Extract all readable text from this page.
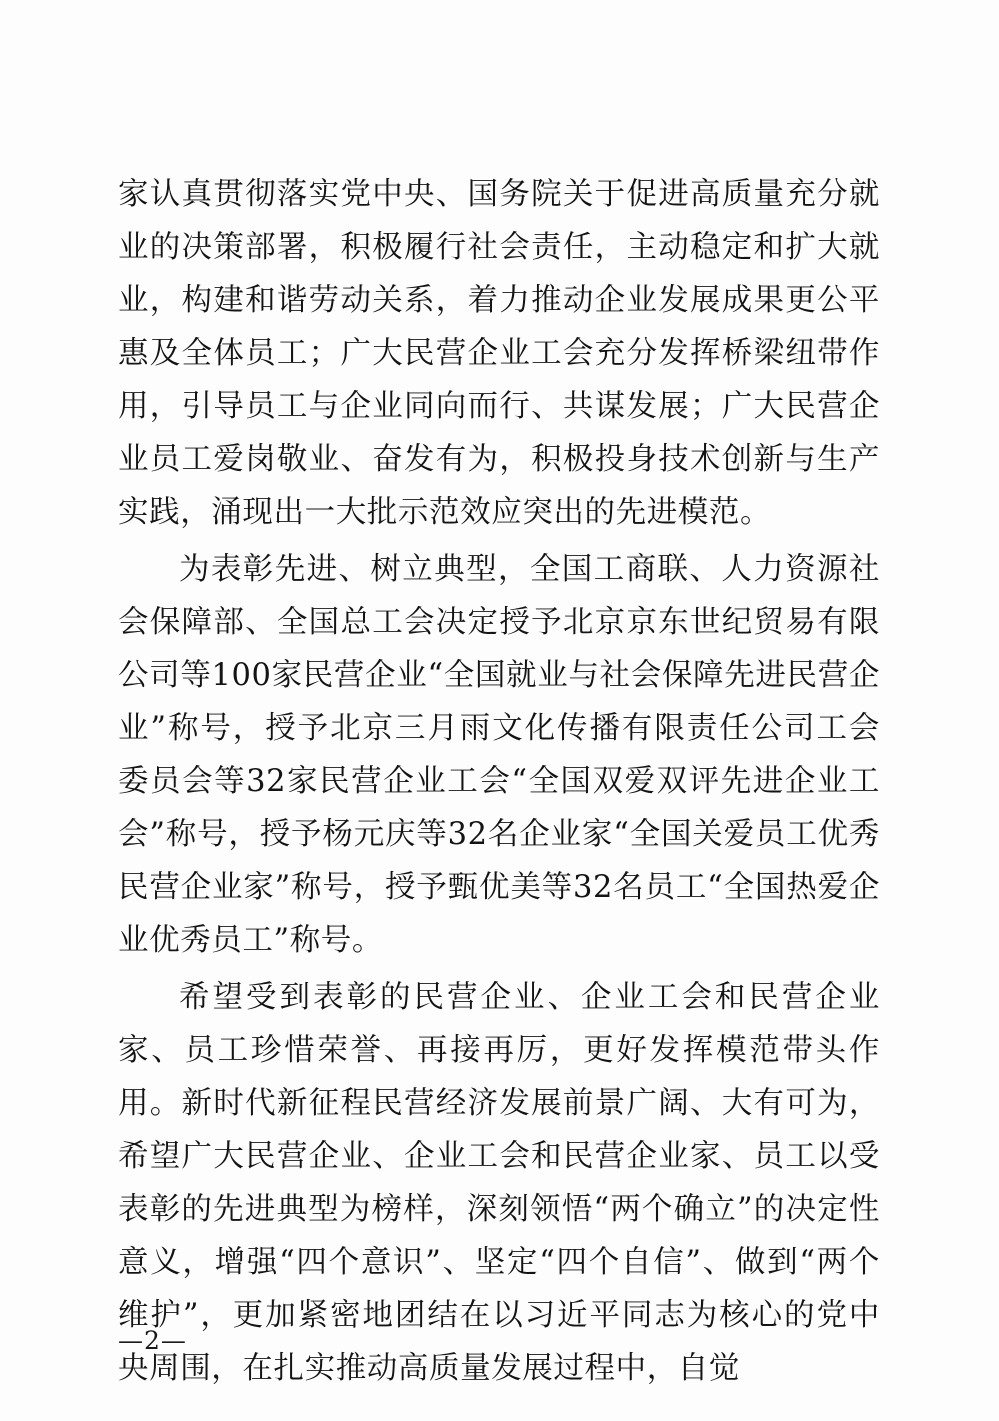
家认真贯彻落实党中央、国务院关于促进高质量充分就业的决策部署，积极履行社会责任，主动稳定和扩大就业，构建和谐劳动关系，着力推动企业发展成果更公平惠及全体员工；广大民营企业工会充分发挥桥梁纽带作用，引导员工与企业同向而行、共谋发展；广大民营企业员工爱岗敬业、奋发有为，积极投身技术创新与生产实践，涌现出一大批示范效应突出的先进模范。

为表彰先进、树立典型，全国工商联、人力资源社会保障部、全国总工会决定授予北京京东世纪贸易有限公司等100家民营企业“全国就业与社会保障先进民营企业”称号，授予北京三月雨文化传播有限责任公司工会委员会等32家民营企业工会“全国双爱双评先进企业工会”称号，授予杨元庆等32名企业家“全国关爱员工优秀民营企业家”称号，授予甄优美等32名员工“全国热爱企业优秀员工”称号。

希望受到表彰的民营企业、企业工会和民营企业家、员工珍惜荣誉、再接再厉，更好发挥模范带头作用。新时代新征程民营经济发展前景广阔、大有可为，希望广大民营企业、企业工会和民营企业家、员工以受表彰的先进典型为榜样，深刻领悟“两个确立”的决定性意义，增强“四个意识”、坚定“四个自信”、做到“两个维护”，更加紧密地团结在以习近平同志为核心的党中央周围，在扎实推动高质量发展过程中，自觉

—2—
